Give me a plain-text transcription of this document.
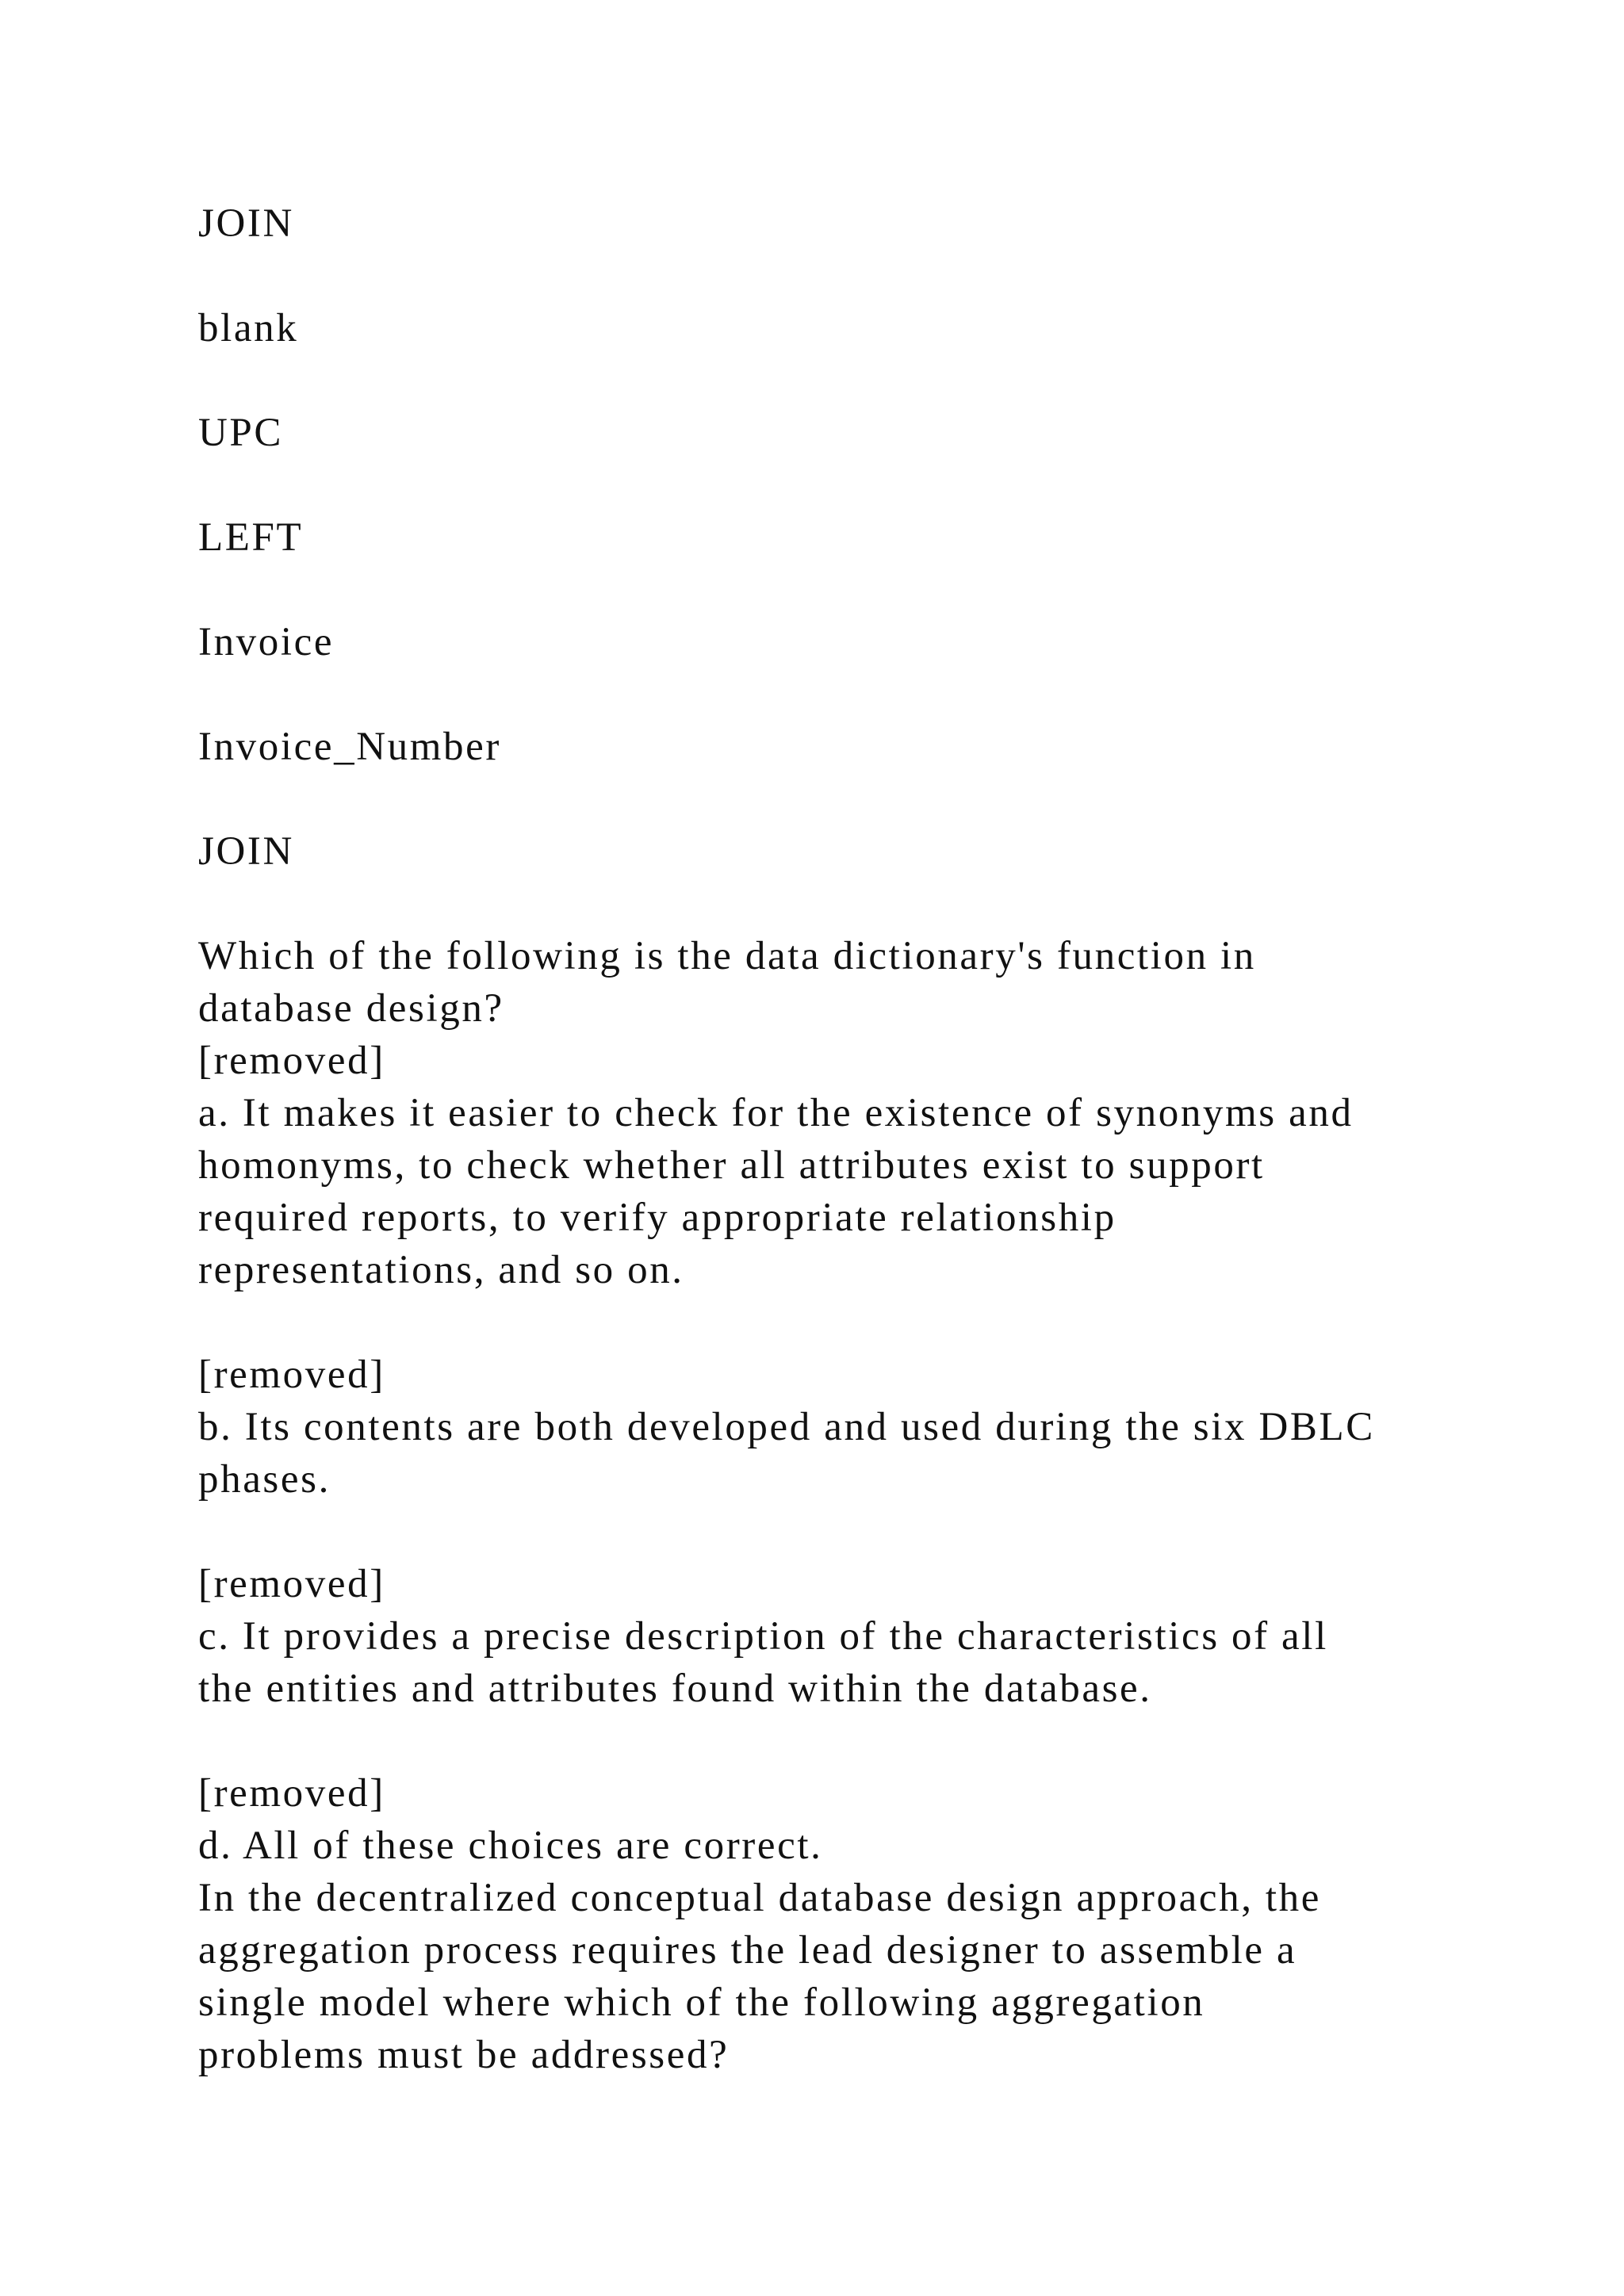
JOIN

blank

UPC

LEFT

Invoice

Invoice_Number

JOIN

Which of the following is the data dictionary's function in

database design?

[removed]

a. It makes it easier to check for the existence of synonyms and

homonyms, to check whether all attributes exist to support

required reports, to verify appropriate relationship

representations, and so on.

[removed]

b. Its contents are both developed and used during the six DBLC

phases.

[removed]

c. It provides a precise description of the characteristics of all

the entities and attributes found within the database.

[removed]

d. All of these choices are correct.

In the decentralized conceptual database design approach, the

aggregation process requires the lead designer to assemble a

single model where which of the following aggregation

problems must be addressed?
